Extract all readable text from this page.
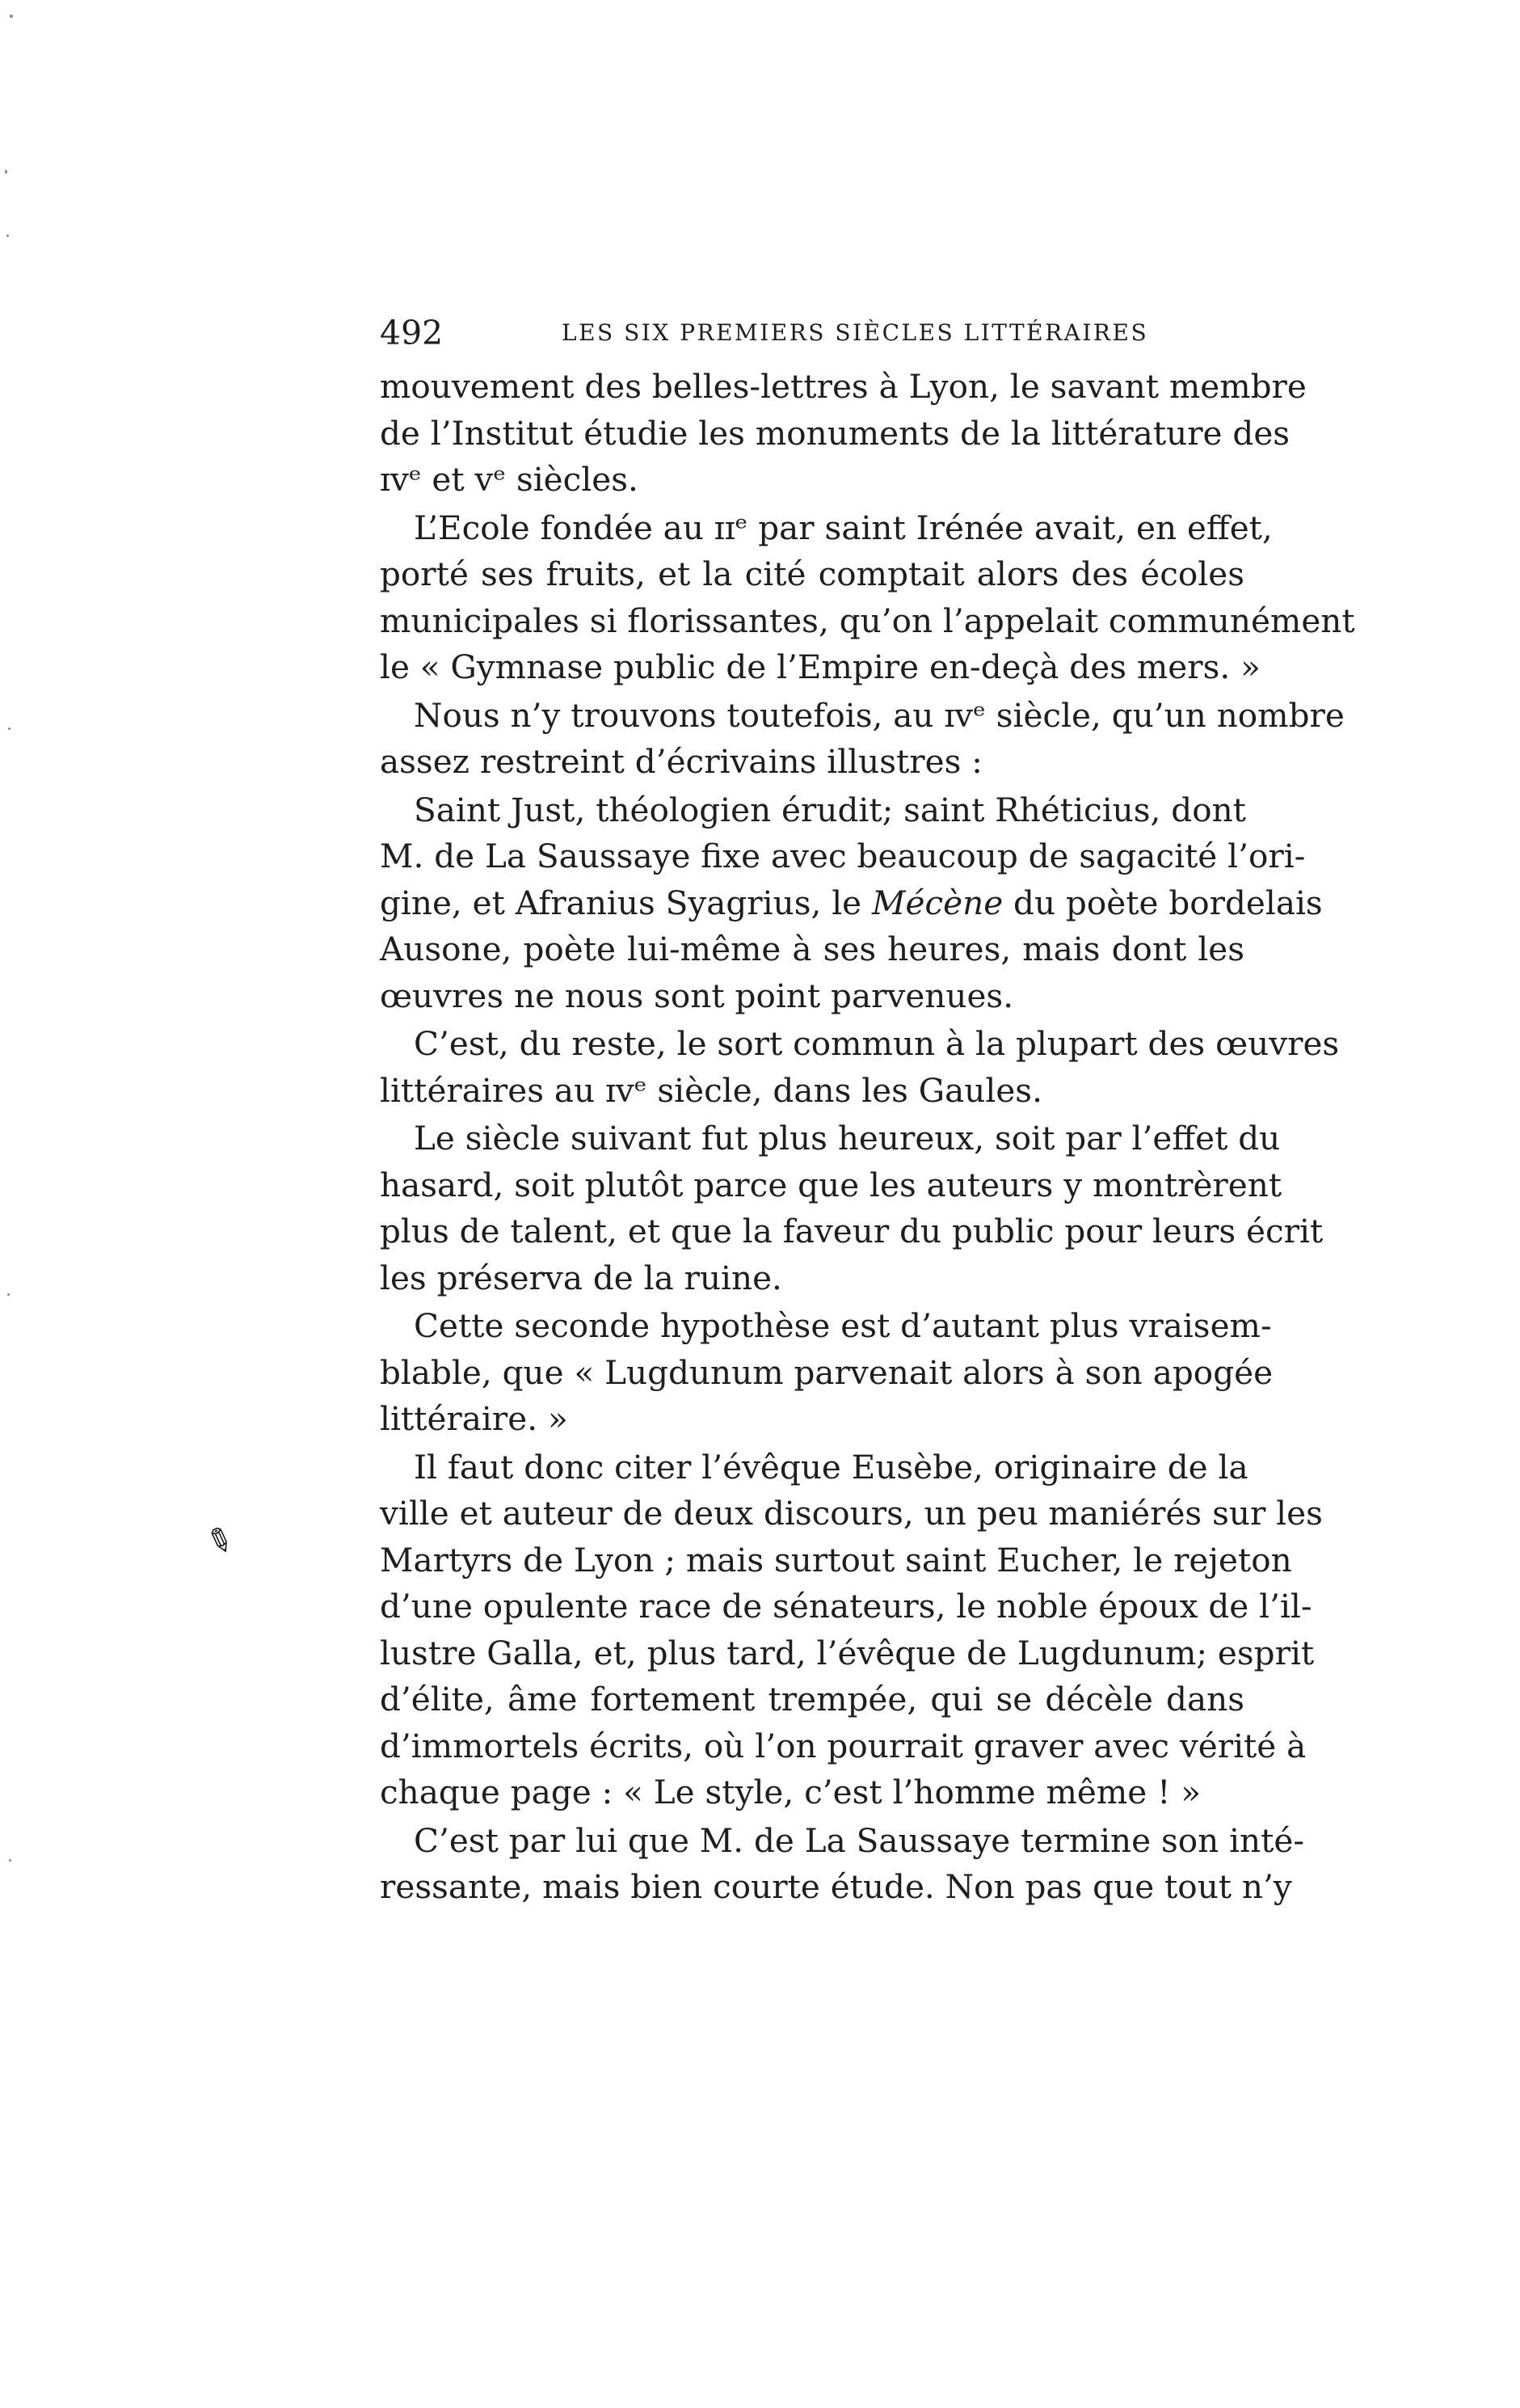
✎
492	LES SIX PREMIERS SIÈCLES LITTÉRAIRES
mouvement des belles-lettres à Lyon, le savant membre
de l’Institut étudie les monuments de la littérature des
ɪᴠᵉ et ᴠᵉ siècles.
L’Ecole fondée au ɪɪᵉ par saint Irénée avait, en effet,
porté ses fruits, et la cité comptait alors des écoles
municipales si florissantes, qu’on l’appelait communément
le « Gymnase public de l’Empire en-deçà des mers. »
Nous n’y trouvons toutefois, au ɪᴠᵉ siècle, qu’un nombre
assez restreint d’écrivains illustres :
Saint Just, théologien érudit; saint Rhéticius, dont
M. de La Saussaye fixe avec beaucoup de sagacité l’ori-
gine, et Afranius Syagrius, le Mécène du poète bordelais
Ausone, poète lui-même à ses heures, mais dont les
œuvres ne nous sont point parvenues.
C’est, du reste, le sort commun à la plupart des œuvres
littéraires au ɪᴠᵉ siècle, dans les Gaules.
Le siècle suivant fut plus heureux, soit par l’effet du
hasard, soit plutôt parce que les auteurs y montrèrent
plus de talent, et que la faveur du public pour leurs écrit
les préserva de la ruine.
Cette seconde hypothèse est d’autant plus vraisem-
blable, que « Lugdunum parvenait alors à son apogée
littéraire. »
Il faut donc citer l’évêque Eusèbe, originaire de la
ville et auteur de deux discours, un peu maniérés sur les
Martyrs de Lyon ; mais surtout saint Eucher, le rejeton
d’une opulente race de sénateurs, le noble époux de l’il-
lustre Galla, et, plus tard, l’évêque de Lugdunum; esprit
d’élite, âme fortement trempée, qui se décèle dans
d’immortels écrits, où l’on pourrait graver avec vérité à
chaque page : « Le style, c’est l’homme même ! »
C’est par lui que M. de La Saussaye termine son inté-
ressante, mais bien courte étude. Non pas que tout n’y
